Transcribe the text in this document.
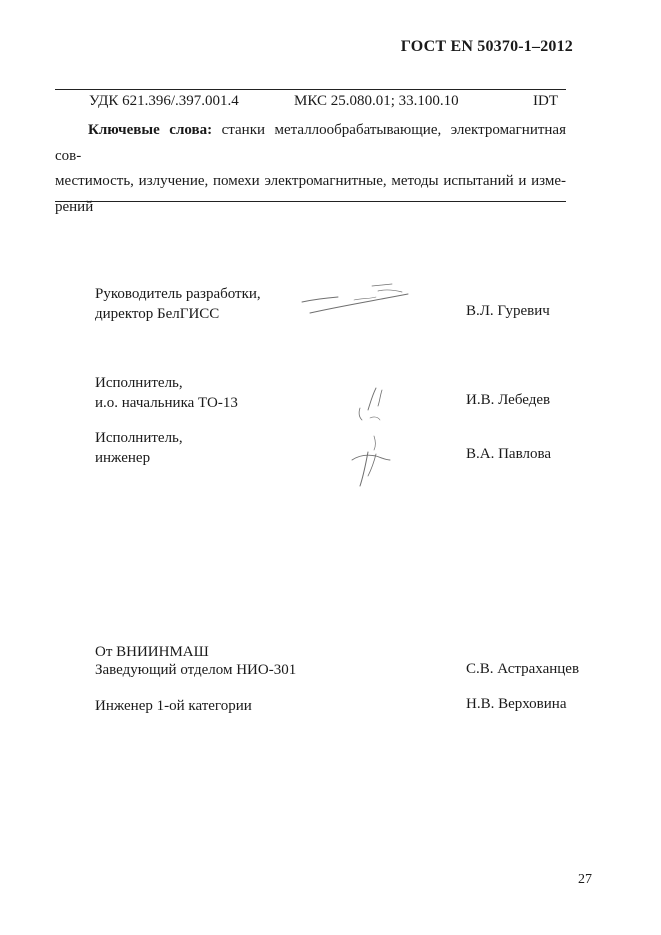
ГОСТ EN 50370-1–2012
УДК 621.396/.397.001.4	МКС 25.080.01; 33.100.10	IDT
Ключевые слова: станки металлообрабатывающие, электромагнитная сов-
местимость, излучение, помехи электромагнитные, методы испытаний и изме-
рений
Руководитель разработки,
директор БелГИСС	В.Л. Гуревич
Исполнитель,
и.о. начальника ТО-13	И.В. Лебедев
Исполнитель,
инженер	В.А. Павлова
От ВНИИНМАШ
Заведующий отделом НИО-301	С.В. Астраханцев
Инженер 1-ой категории	Н.В. Верховина
27
